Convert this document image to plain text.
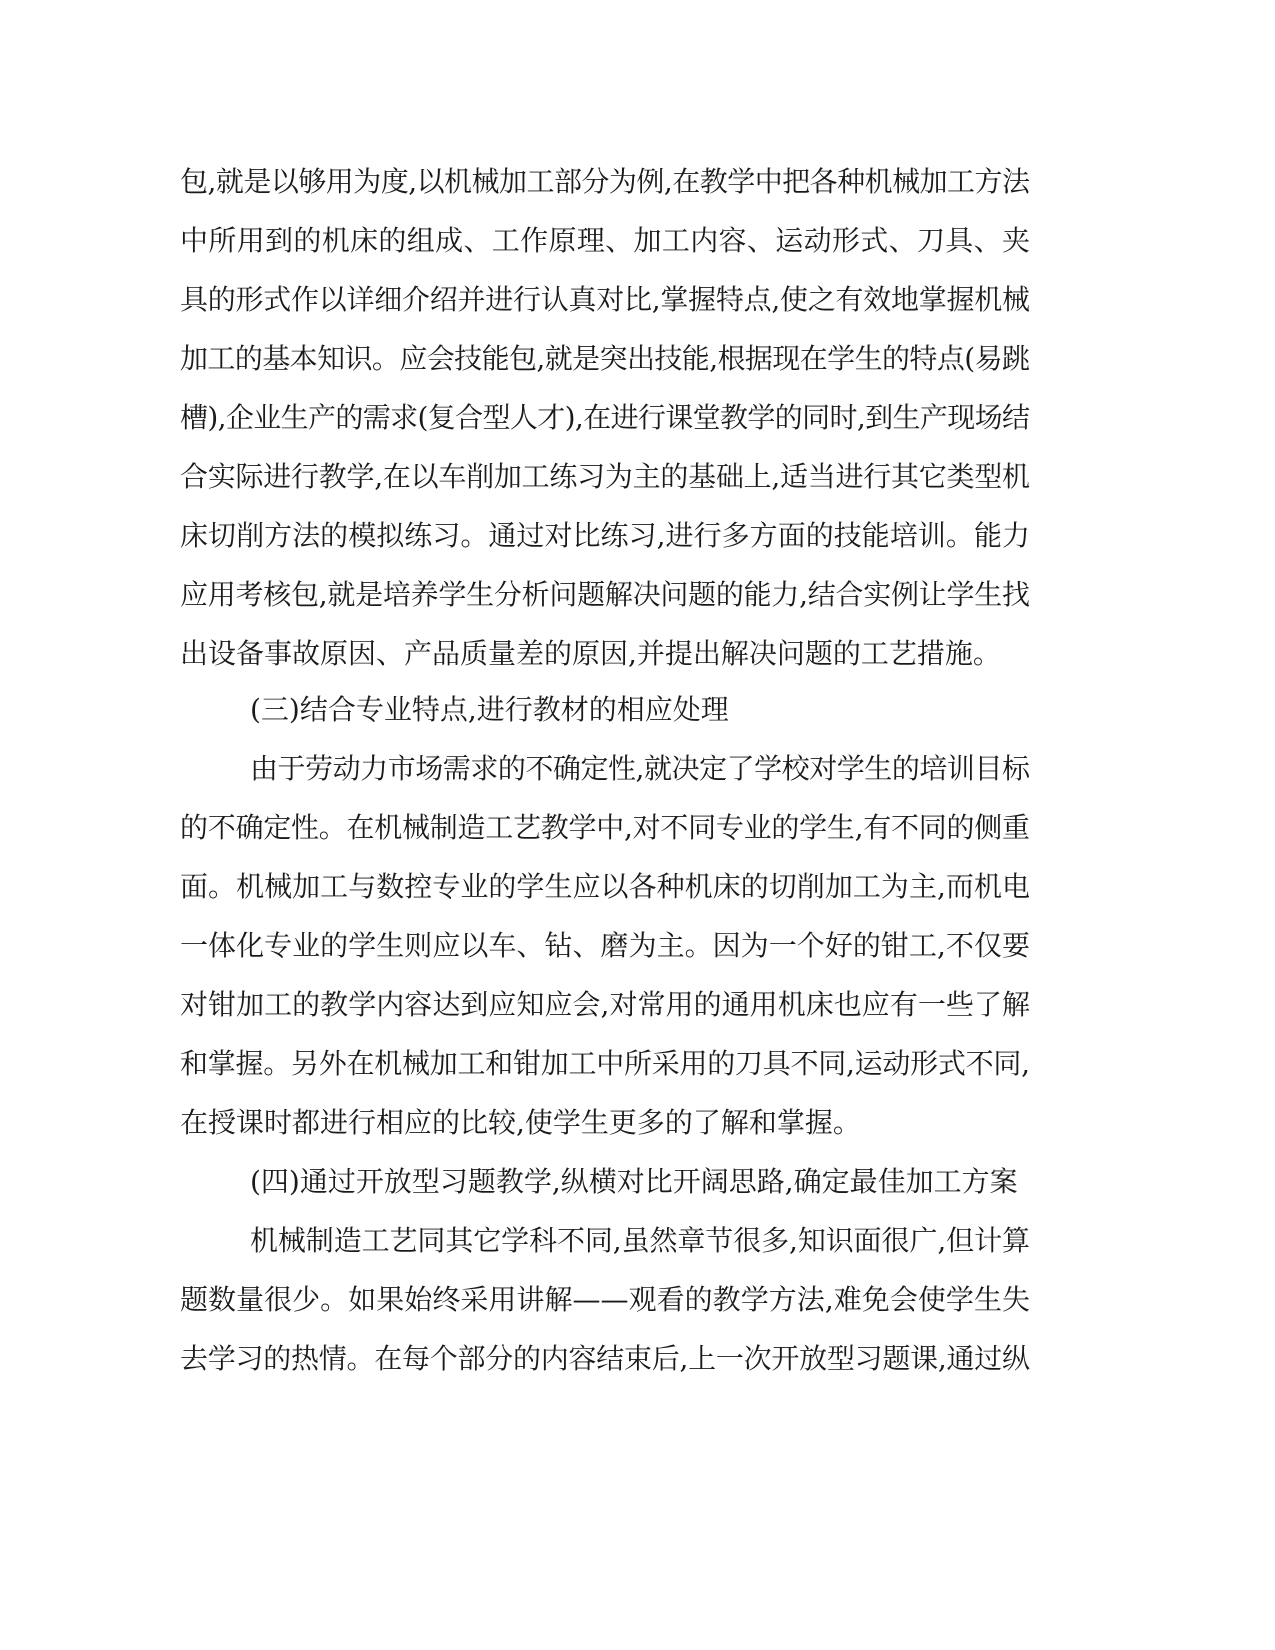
包,就是以够用为度,以机械加工部分为例,在教学中把各种机械加工方法
中所用到的机床的组成、工作原理、加工内容、运动形式、刀具、夹
具的形式作以详细介绍并进行认真对比,掌握特点,使之有效地掌握机械
加工的基本知识。应会技能包,就是突出技能,根据现在学生的特点(易跳
槽),企业生产的需求(复合型人才),在进行课堂教学的同时,到生产现场结
合实际进行教学,在以车削加工练习为主的基础上,适当进行其它类型机
床切削方法的模拟练习。通过对比练习,进行多方面的技能培训。能力
应用考核包,就是培养学生分析问题解决问题的能力,结合实例让学生找
出设备事故原因、产品质量差的原因,并提出解决问题的工艺措施。
(三)结合专业特点,进行教材的相应处理
由于劳动力市场需求的不确定性,就决定了学校对学生的培训目标
的不确定性。在机械制造工艺教学中,对不同专业的学生,有不同的侧重
面。机械加工与数控专业的学生应以各种机床的切削加工为主,而机电
一体化专业的学生则应以车、钻、磨为主。因为一个好的钳工,不仅要
对钳加工的教学内容达到应知应会,对常用的通用机床也应有一些了解
和掌握。另外在机械加工和钳加工中所采用的刀具不同,运动形式不同,
在授课时都进行相应的比较,使学生更多的了解和掌握。
(四)通过开放型习题教学,纵横对比开阔思路,确定最佳加工方案
机械制造工艺同其它学科不同,虽然章节很多,知识面很广,但计算
题数量很少。如果始终采用讲解——观看的教学方法,难免会使学生失
去学习的热情。在每个部分的内容结束后,上一次开放型习题课,通过纵
